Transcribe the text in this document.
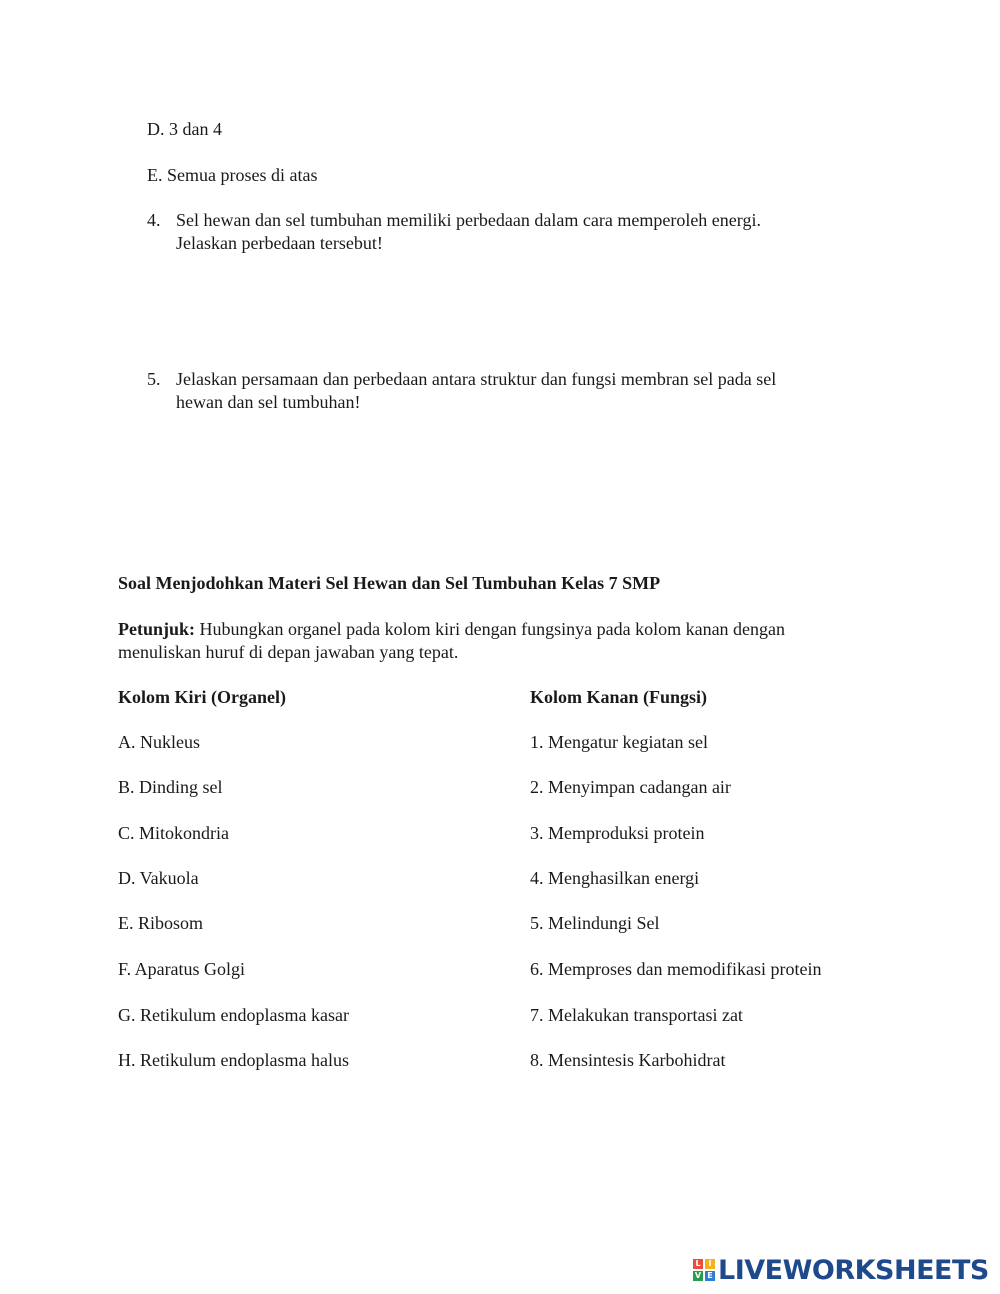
D. 3 dan 4
E. Semua proses di atas
4. Sel hewan dan sel tumbuhan memiliki perbedaan dalam cara memperoleh energi.
Jelaskan perbedaan tersebut!
5. Jelaskan persamaan dan perbedaan antara struktur dan fungsi membran sel pada sel
hewan dan sel tumbuhan!
Soal Menjodohkan Materi Sel Hewan dan Sel Tumbuhan Kelas 7 SMP
Petunjuk: Hubungkan organel pada kolom kiri dengan fungsinya pada kolom kanan dengan
menuliskan huruf di depan jawaban yang tepat.
Kolom Kiri (Organel)	Kolom Kanan (Fungsi)
A. Nukleus
B. Dinding sel
C. Mitokondria
D. Vakuola
E. Ribosom
F. Aparatus Golgi
G. Retikulum endoplasma kasar
H. Retikulum endoplasma halus
1. Mengatur kegiatan sel
2. Menyimpan cadangan air
3. Memproduksi protein
4. Menghasilkan energi
5. Melindungi Sel
6. Memproses dan memodifikasi protein
7. Melakukan transportasi zat
8. Mensintesis Karbohidrat
L I
V E LIVEWORKSHEETS
